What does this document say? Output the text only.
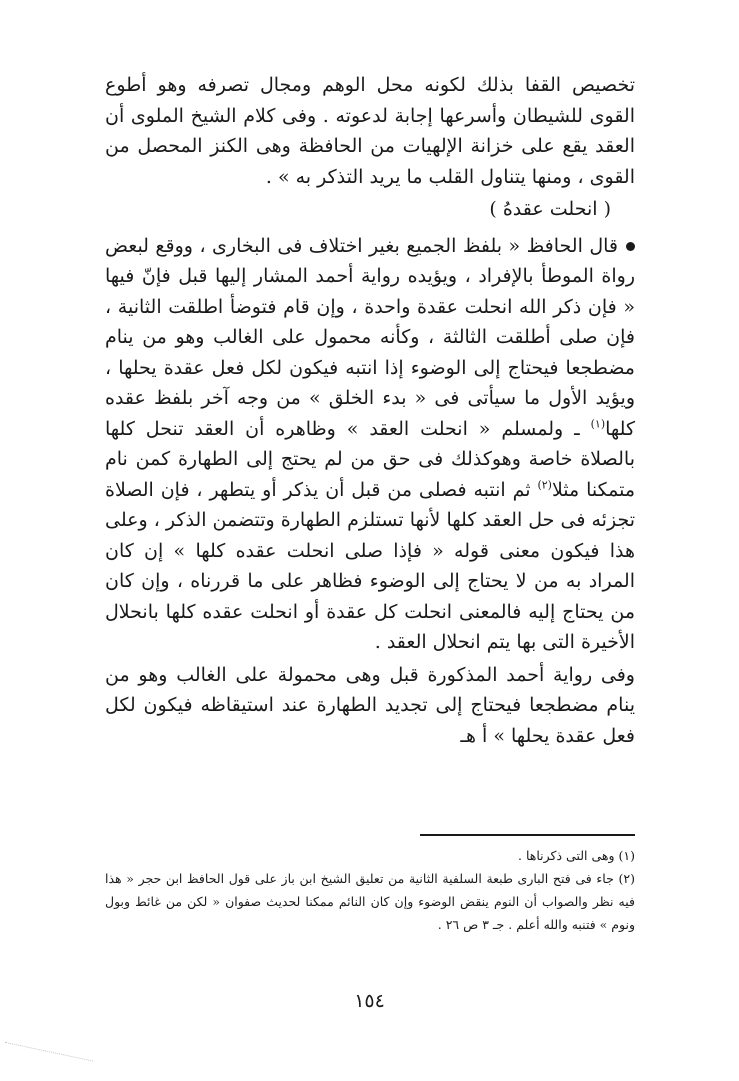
تخصيص القفا بذلك لكونه محل الوهم ومجال تصرفه وهو أطوع القوى للشيطان وأسرعها إجابة لدعوته . وفى كلام الشيخ الملوى أن العقد يقع على خزانة الإلهيات من الحافظة وهى الكنز المحصل من القوى ، ومنها يتناول القلب ما يريد التذكر به » .

( انحلت عقدهُ )

قال الحافظ « بلفظ الجميع بغير اختلاف فى البخارى ، ووقع لبعض رواة الموطأ بالإفراد ، ويؤيده رواية أحمد المشار إليها قبل فإنّ فيها « فإن ذكر الله انحلت عقدة واحدة ، وإن قام فتوضأ اطلقت الثانية ، فإن صلى أطلقت الثالثة ، وكأنه محمول على الغالب وهو من ينام مضطجعا فيحتاج إلى الوضوء إذا انتبه فيكون لكل فعل عقدة يحلها ، ويؤيد الأول ما سيأتى فى « بدء الخلق » من وجه آخر بلفظ عقده كلها$^{(١)}$ ـ ولمسلم « انحلت العقد » وظاهره أن العقد تنحل كلها بالصلاة خاصة وهوكذلك فى حق من لم يحتج إلى الطهارة كمن نام متمكنا مثلا$^{(٢)}$ ثم انتبه فصلى من قبل أن يذكر أو يتطهر ، فإن الصلاة تجزئه فى حل العقد كلها لأنها تستلزم الطهارة وتتضمن الذكر ، وعلى هذا فيكون معنى قوله « فإذا صلى انحلت عقده كلها » إن كان المراد به من لا يحتاج إلى الوضوء فظاهر على ما قررناه ، وإن كان من يحتاج إليه فالمعنى انحلت كل عقدة أو انحلت عقده كلها بانحلال الأخيرة التى بها يتم انحلال العقد .

وفى رواية أحمد المذكورة قبل وهى محمولة على الغالب وهو من ينام مضطجعا فيحتاج إلى تجديد الطهارة عند استيقاظه فيكون لكل فعل عقدة يحلها » أ هـ

(١) وهى التى ذكرناها .

(٢) جاء فى فتح البارى طبعة السلفية الثانية من تعليق الشيخ ابن باز على قول الحافظ ابن حجر « هذا فيه نظر والصواب أن النوم ينقض الوضوء وإن كان النائم ممكنا لحديث صفوان « لكن من غائط وبول ونوم » فتنبه والله أعلم . جـ ٣ ص ٢٦ .

١٥٤
